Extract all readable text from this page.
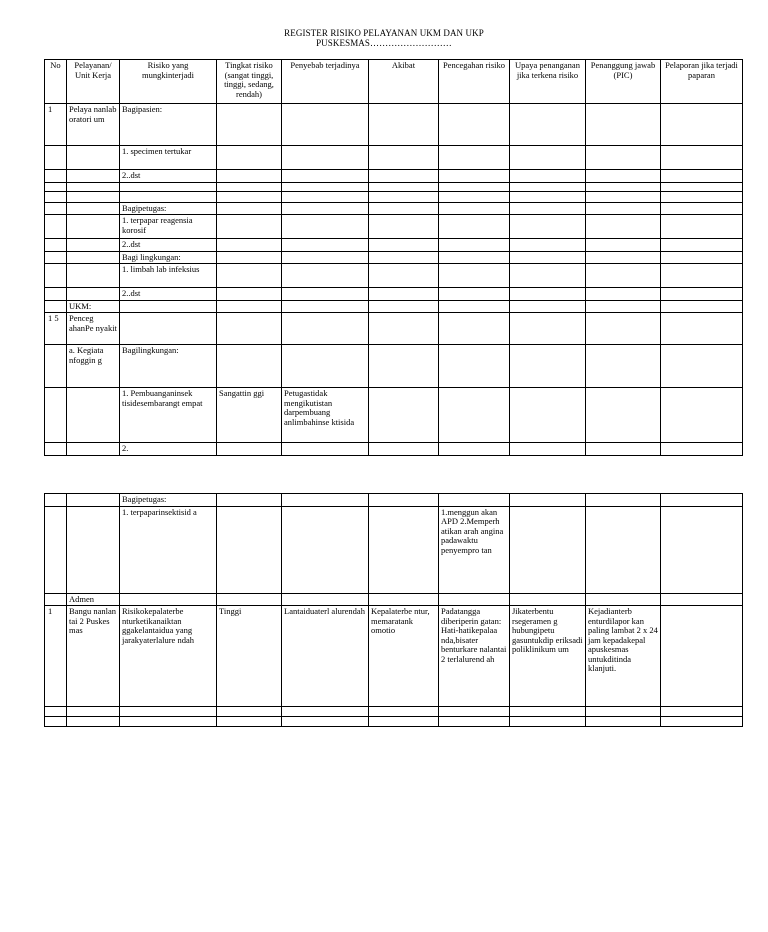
REGISTER RISIKO PELAYANAN UKM DAN UKP
PUSKESMAS………………………
No	Pelayanan/ Unit Kerja	Risiko yang mungkinterjadi	Tingkat risiko (sangat tinggi, tinggi, sedang, rendah)	Penyebab terjadinya	Akibat	Pencegahan risiko	Upaya penanganan jika terkena risiko	Penanggung jawab (PIC)	Pelaporan jika terjadi paparan
1	Pelaya nanlab oratori um	Bagipasien:							
		1. specimen tertukar							
		2..dst							

		Bagipetugas:							
		1. terpapar reagensia korosif							
		2..dst							
		Bagi lingkungan:							
		1. limbah lab infeksius							
		2..dst							
	UKM:								
1 5	Penceg ahanPe nyakit								
	a. Kegiata nfoggin g	Bagilingkungan:							
		1. Pembuanganinsek tisidesembarangt empat	Sangattin ggi	Petugastidak mengikutistan darpembuang anlimbahinse ktisida					
		2.							
		Bagipetugas:							
		1. terpaparinsektisid a				1.menggun akan APD 2.Memperh atikan arah angina padawaktu penyempro tan			
	Admen								
1	Bangu nanlan tai 2 Puskes mas	Risikokepalaterbe nturketikanaiktan ggakelantaidua yang jarakyaterlalure ndah	Tinggi	Lantaiduaterl alurendah	Kepalaterbe ntur, memaratank omotio	Padatangga diberiperin gatan: Hati-hatikepalaa nda,bisater benturkare nalantai 2 terlalurend ah	Jikaterbentu rsegeramen g hubungipetu gasuntukdip eriksadi poliklinikum um	Kejadianterb enturdilapor kan paling lambat 2 x 24 jam kepadakepal apuskesmas untukditinda klanjuti.	
